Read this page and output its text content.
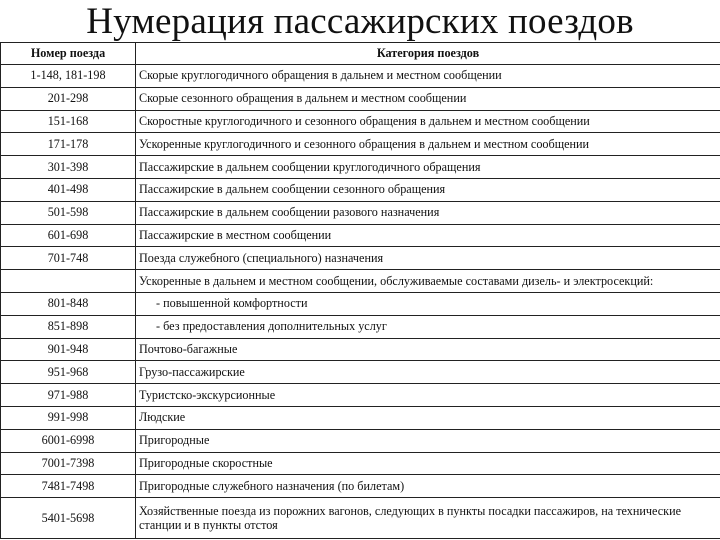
Нумерация пассажирских поездов
Номер поезда	Категория поездов
1-148, 181-198	Скорые круглогодичного обращения в дальнем и местном сообщении
201-298	Скорые сезонного обращения в дальнем и местном сообщении
151-168	Скоростные круглогодичного и сезонного обращения в дальнем и местном сообщении
171-178	Ускоренные круглогодичного и сезонного обращения в дальнем и местном сообщении
301-398	Пассажирские в дальнем сообщении круглогодичного обращения
401-498	Пассажирские в дальнем сообщении сезонного обращения
501-598	Пассажирские в дальнем сообщении разового назначения
601-698	Пассажирские в местном сообщении
701-748	Поезда служебного (специального) назначения
	Ускоренные в дальнем и местном сообщении, обслуживаемые составами дизель- и электросекций:
801-848	- повышенной комфортности
851-898	- без предоставления дополнительных услуг
901-948	Почтово-багажные
951-968	Грузо-пассажирские
971-988	Туристско-экскурсионные
991-998	Людские
6001-6998	Пригородные
7001-7398	Пригородные скоростные
7481-7498	Пригородные служебного назначения (по билетам)
5401-5698	Хозяйственные поезда из порожних вагонов, следующих в пункты посадки пассажиров, на технические станции и в пункты отстоя
